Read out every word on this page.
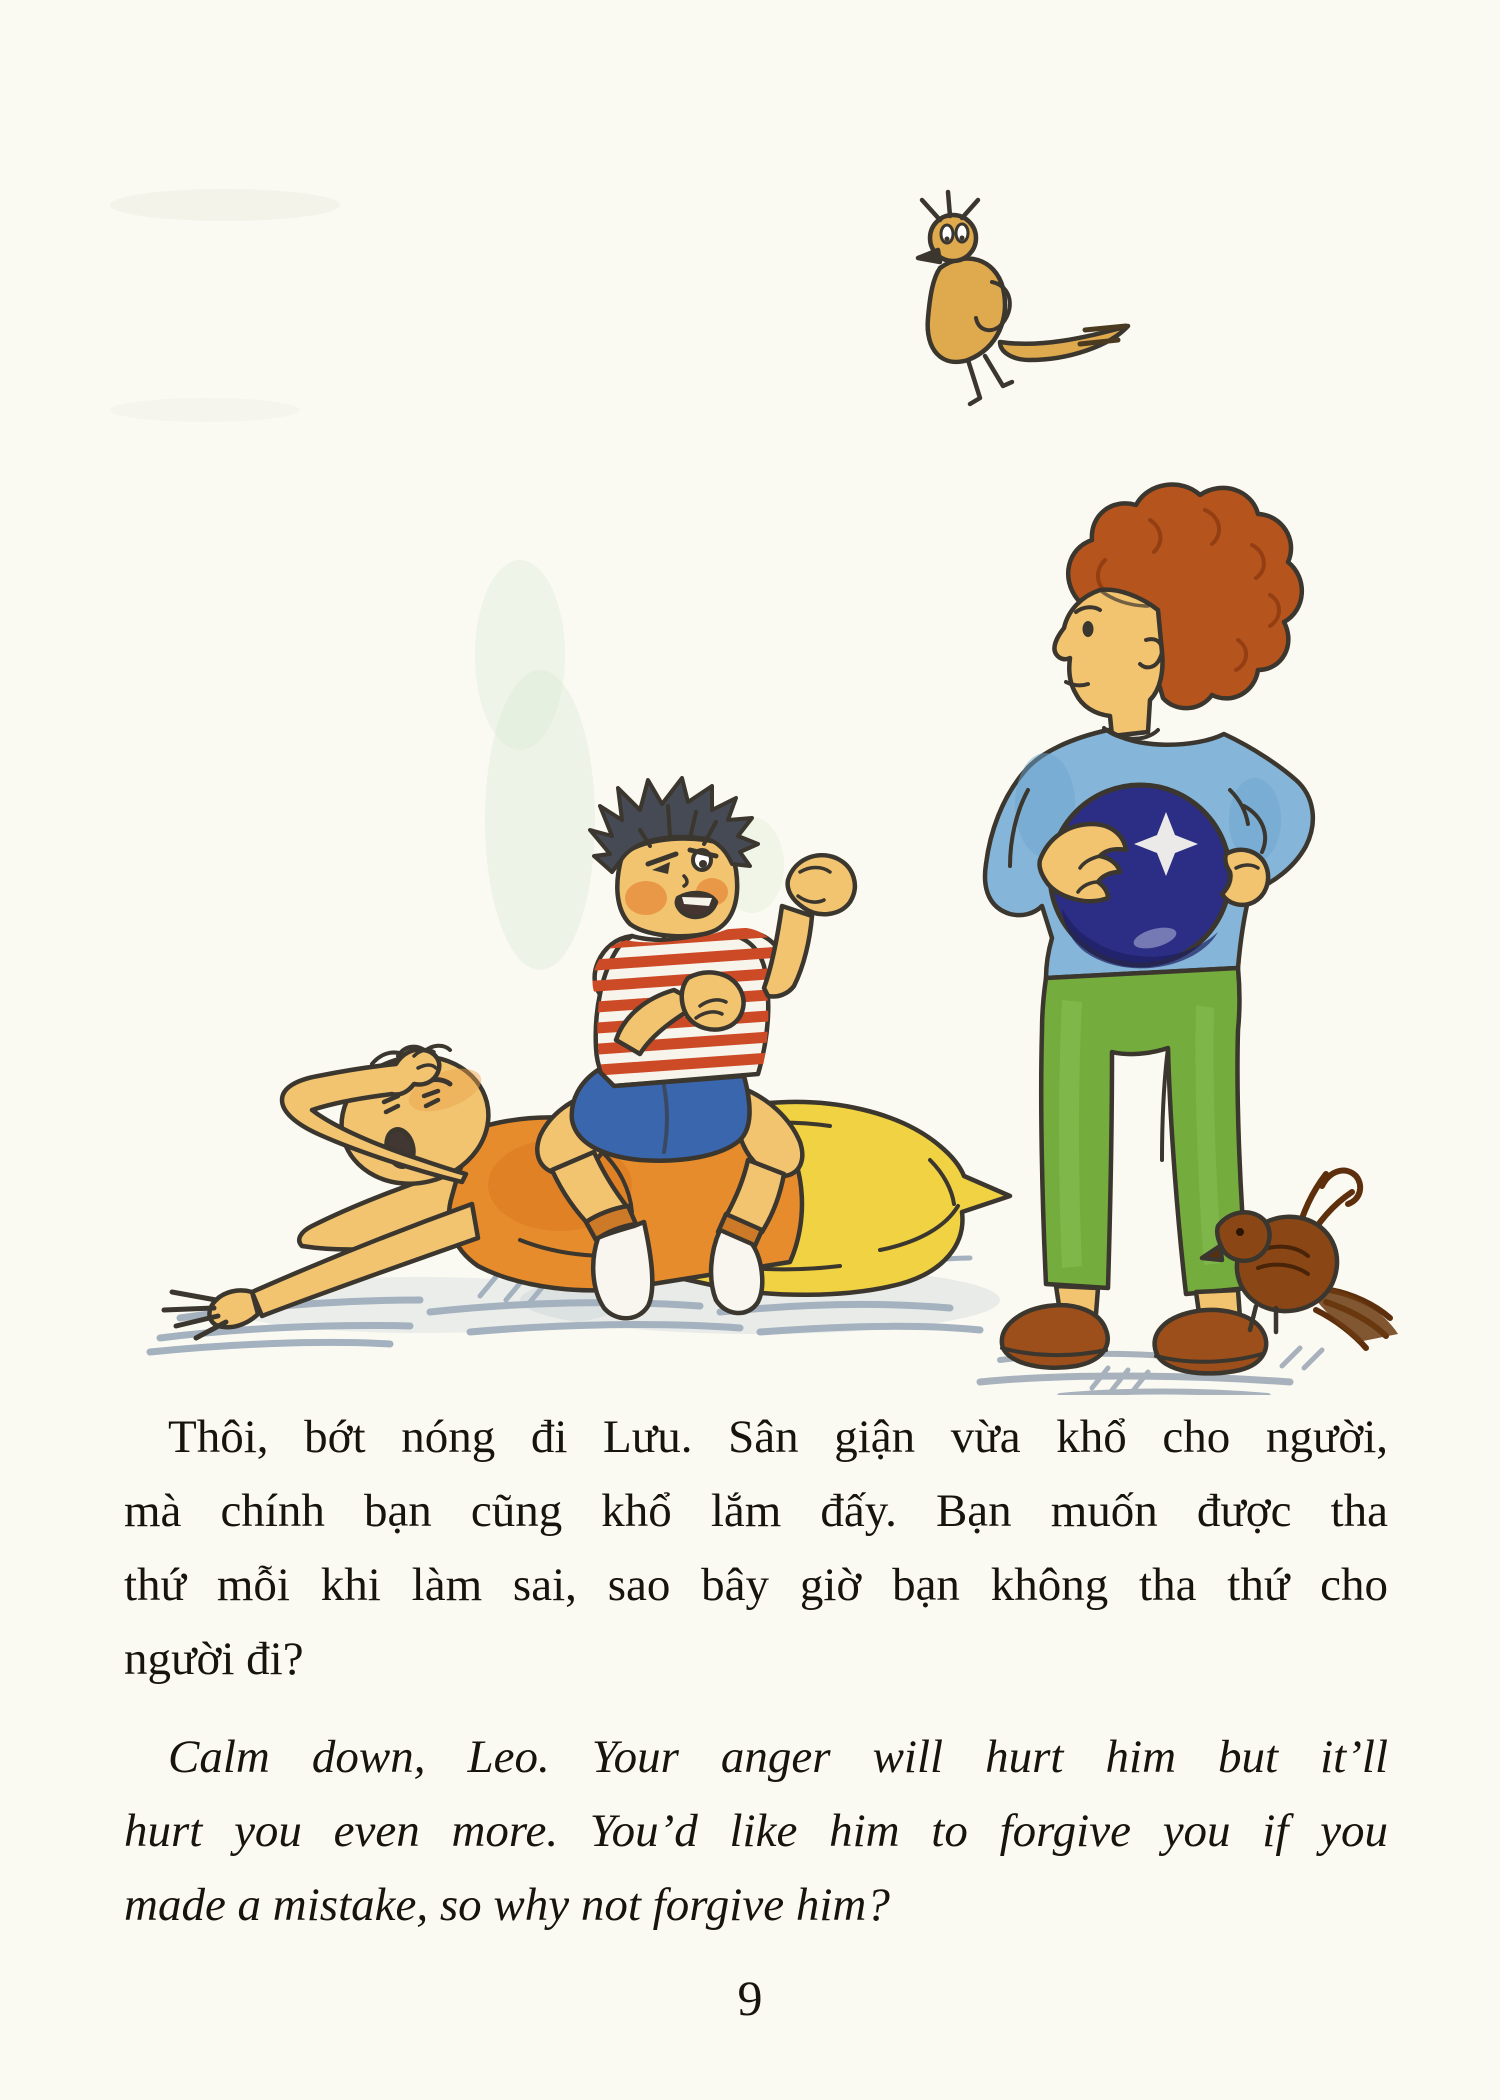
Thôi, bớt nóng đi Lưu. Sân giận vừa khổ cho người,
mà chính bạn cũng khổ lắm đấy. Bạn muốn được tha
thứ mỗi khi làm sai, sao bây giờ bạn không tha thứ cho
người đi?

Calm down, Leo. Your anger will hurt him but it’ll
hurt you even more. You’d like him to forgive you if you
made a mistake, so why not forgive him?

9
